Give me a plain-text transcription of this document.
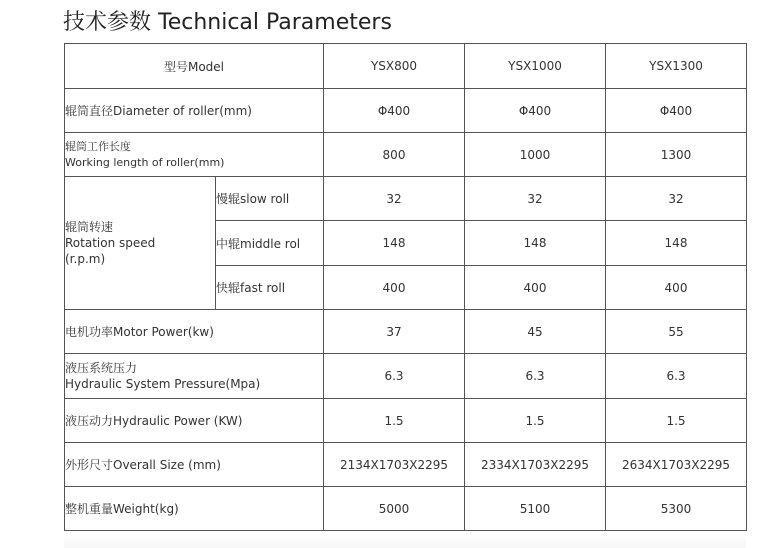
技术参数 Technical Parameters
型号Model		YSX800	YSX1000	YSX1300
辊筒直径Diameter of roller(mm)		Φ400	Φ400	Φ400

辊筒工作长度
Working length of roller(mm)		800	1000	1300

辊筒转速
Rotation speed
(r.p.m)	慢辊slow roll	32	32	32
	中辊middle rol	148	148	148
	快辊fast roll	400	400	400
电机功率Motor Power(kw)		37	45	55

液压系统压力
Hydraulic System Pressure(Mpa)		6.3	6.3	6.3
液压动力Hydraulic Power (KW)		1.5	1.5	1.5
外形尺寸Overall Size (mm)		2134X1703X2295	2334X1703X2295	2634X1703X2295
整机重量Weight(kg)		5000	5100	5300
